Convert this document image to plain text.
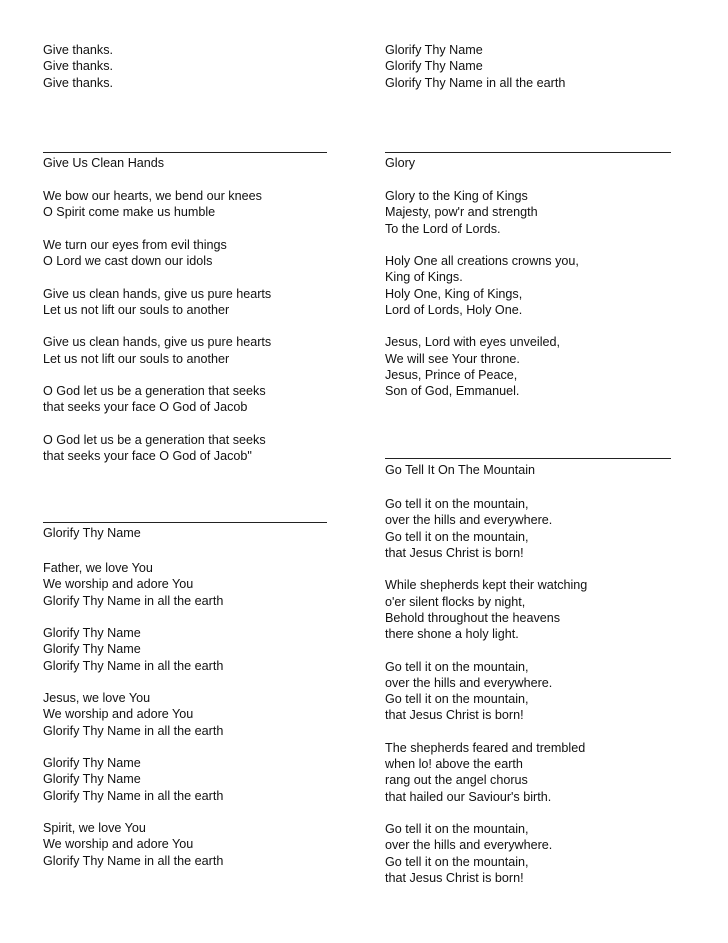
Give thanks.
Give thanks.
Give thanks.
Give Us Clean Hands
We bow our hearts, we bend our knees
O Spirit come make us humble
We turn our eyes from evil things
O Lord we cast down our idols
Give us clean hands, give us pure hearts
Let us not lift our souls to another
Give us clean hands, give us pure hearts
Let us not lift our souls to another
O God let us be a generation that seeks
that seeks your face O God of Jacob
O God let us be a generation that seeks
that seeks your face O God of Jacob"
Glorify Thy Name
Father, we love You
We worship and adore You
Glorify Thy Name in all the earth
Glorify Thy Name
Glorify Thy Name
Glorify Thy Name in all the earth
Jesus, we love You
We worship and adore You
Glorify Thy Name in all the earth
Glorify Thy Name
Glorify Thy Name
Glorify Thy Name in all the earth
Spirit, we love You
We worship and adore You
Glorify Thy Name in all the earth
Glorify Thy Name
Glorify Thy Name
Glorify Thy Name in all the earth
Glory
Glory to the King of Kings
Majesty, pow'r and strength
To the Lord of Lords.
Holy One all creations crowns you,
King of Kings.
Holy One, King of Kings,
Lord of Lords, Holy One.
Jesus, Lord with eyes unveiled,
We will see Your throne.
Jesus, Prince of Peace,
Son of God, Emmanuel.
Go Tell It On The Mountain
Go tell it on the mountain,
over the hills and everywhere.
Go tell it on the mountain,
that Jesus Christ is born!
While shepherds kept their watching
o'er silent flocks by night,
Behold throughout the heavens
there shone a holy light.
Go tell it on the mountain,
over the hills and everywhere.
Go tell it on the mountain,
that Jesus Christ is born!
The shepherds feared and trembled
when lo! above the earth
rang out the angel chorus
that hailed our Saviour's birth.
Go tell it on the mountain,
over the hills and everywhere.
Go tell it on the mountain,
that Jesus Christ is born!
